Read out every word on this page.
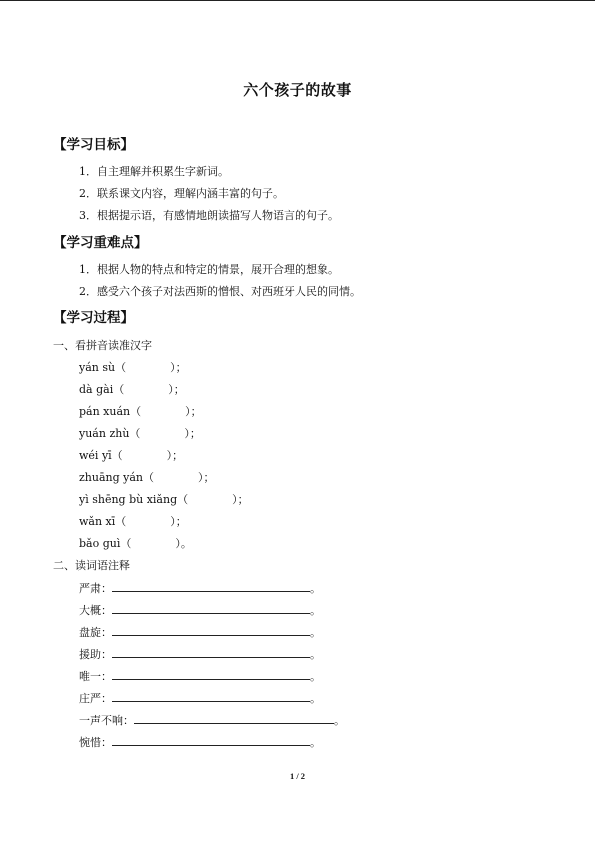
六个孩子的故事
【学习目标】
1．自主理解并积累生字新词。
2．联系课文内容，理解内涵丰富的句子。
3．根据提示语，有感情地朗读描写人物语言的句子。
【学习重难点】
1．根据人物的特点和特定的情景，展开合理的想象。
2．感受六个孩子对法西斯的憎恨、对西班牙人民的同情。
【学习过程】
一、看拼音读准汉字
yán sù（　　　　）；
dà gài（　　　　）；
pán xuán（　　　　）；
yuán zhù（　　　　）；
wéi yī（　　　　）；
zhuāng yán（　　　　）；
yì shēng bù xiǎng（　　　　）；
wǎn xī（　　　　）；
bǎo guì（　　　　）。
二、读词语注释
严肃：	。
大概：	。
盘旋：	。
援助：	。
唯一：	。
庄严：	。
一声不响：	。
惋惜：	。
1 / 2
